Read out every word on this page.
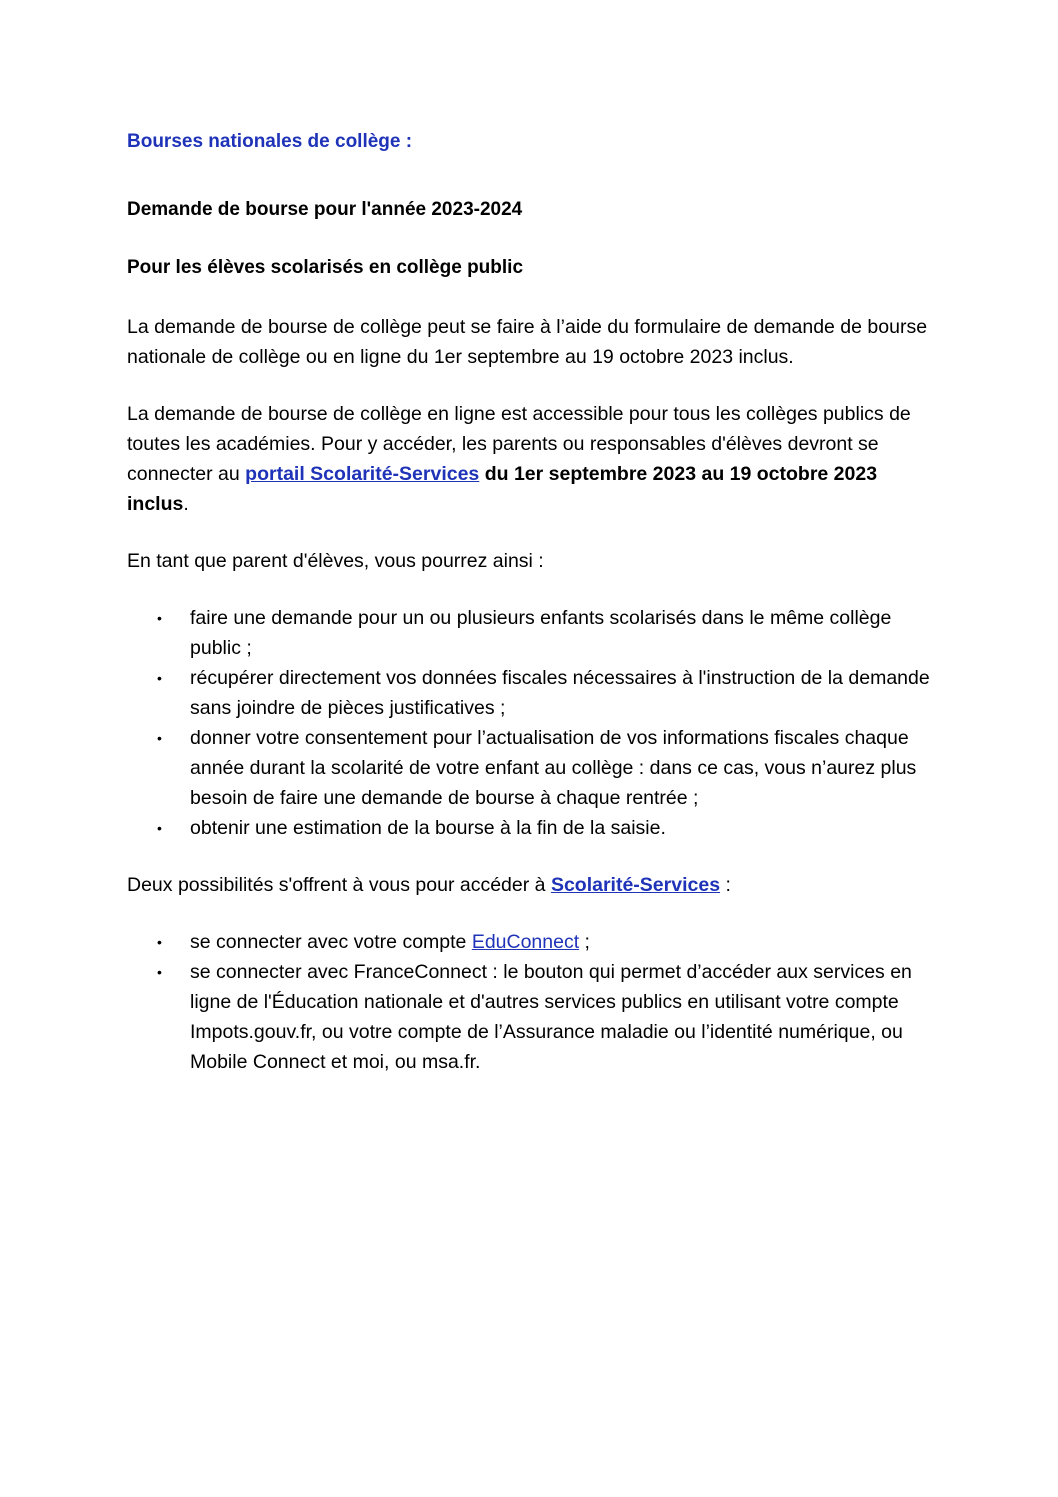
Bourses nationales de collège :
Demande de bourse pour l'année 2023-2024
Pour les élèves scolarisés en collège public

La demande de bourse de collège peut se faire à l’aide du formulaire de demande de bourse nationale de collège ou en ligne du 1er septembre au 19 octobre 2023 inclus.

La demande de bourse de collège en ligne est accessible pour tous les collèges publics de toutes les académies. Pour y accéder, les parents ou responsables d'élèves devront se connecter au portail Scolarité-Services du 1er septembre 2023 au 19 octobre 2023 inclus.

En tant que parent d'élèves, vous pourrez ainsi :

• faire une demande pour un ou plusieurs enfants scolarisés dans le même collège public ;
• récupérer directement vos données fiscales nécessaires à l'instruction de la demande sans joindre de pièces justificatives ;
• donner votre consentement pour l’actualisation de vos informations fiscales chaque année durant la scolarité de votre enfant au collège : dans ce cas, vous n’aurez plus besoin de faire une demande de bourse à chaque rentrée ;
• obtenir une estimation de la bourse à la fin de la saisie.

Deux possibilités s'offrent à vous pour accéder à Scolarité-Services :

• se connecter avec votre compte EduConnect ;
• se connecter avec FranceConnect : le bouton qui permet d’accéder aux services en ligne de l'Éducation nationale et d'autres services publics en utilisant votre compte Impots.gouv.fr, ou votre compte de l’Assurance maladie ou l’identité numérique, ou Mobile Connect et moi, ou msa.fr.
